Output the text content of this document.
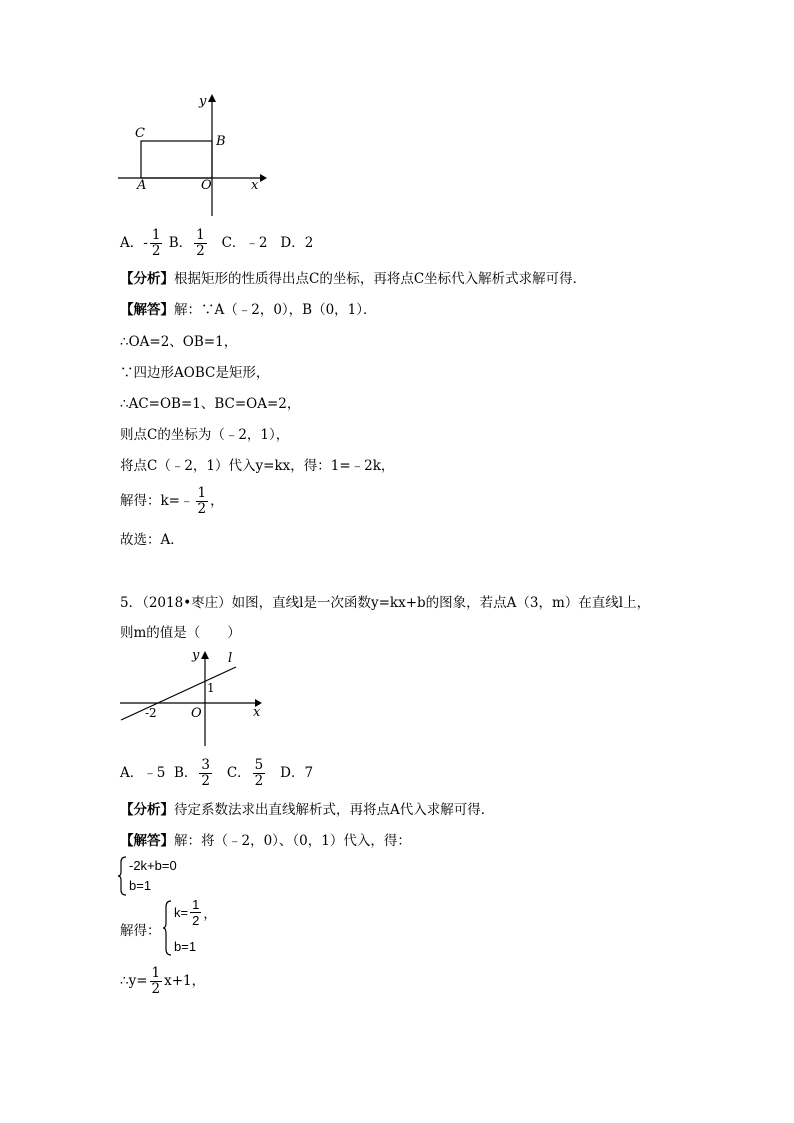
y
x
C
B
A	O
A．- $\frac{1}{2}$ B． $\frac{1}{2}$ C．﹣2 D．2
【分析】根据矩形的性质得出点C的坐标，再将点C坐标代入解析式求解可得．
【解答】解：∵A（﹣2，0），B（0，1）．
∴OA=2、OB=1，
∵四边形AOBC是矩形，
∴AC=OB=1、BC=OA=2，
则点C的坐标为（﹣2，1），
将点C（﹣2，1）代入y=kx，得：1=﹣2k，
解得：k=﹣ $\frac{1}{2}$ ，
故选：A．
5．（2018•枣庄）如图，直线l是一次函数y=kx+b的图象，若点A（3，m）在直线l上，
则m的值是（　　）
y l
1
-2	O	x
A．﹣5 B． $\frac{3}{2}$ C． $\frac{5}{2}$ D．7
【分析】待定系数法求出直线解析式，再将点A代入求解可得．
【解答】解：将（﹣2，0）、（0，1）代入，得：
-2k+b=0
b=1
解得：
$k= \frac{1}{2}$ ，
b=1
∴y= $\frac{1}{2} x+1$，
